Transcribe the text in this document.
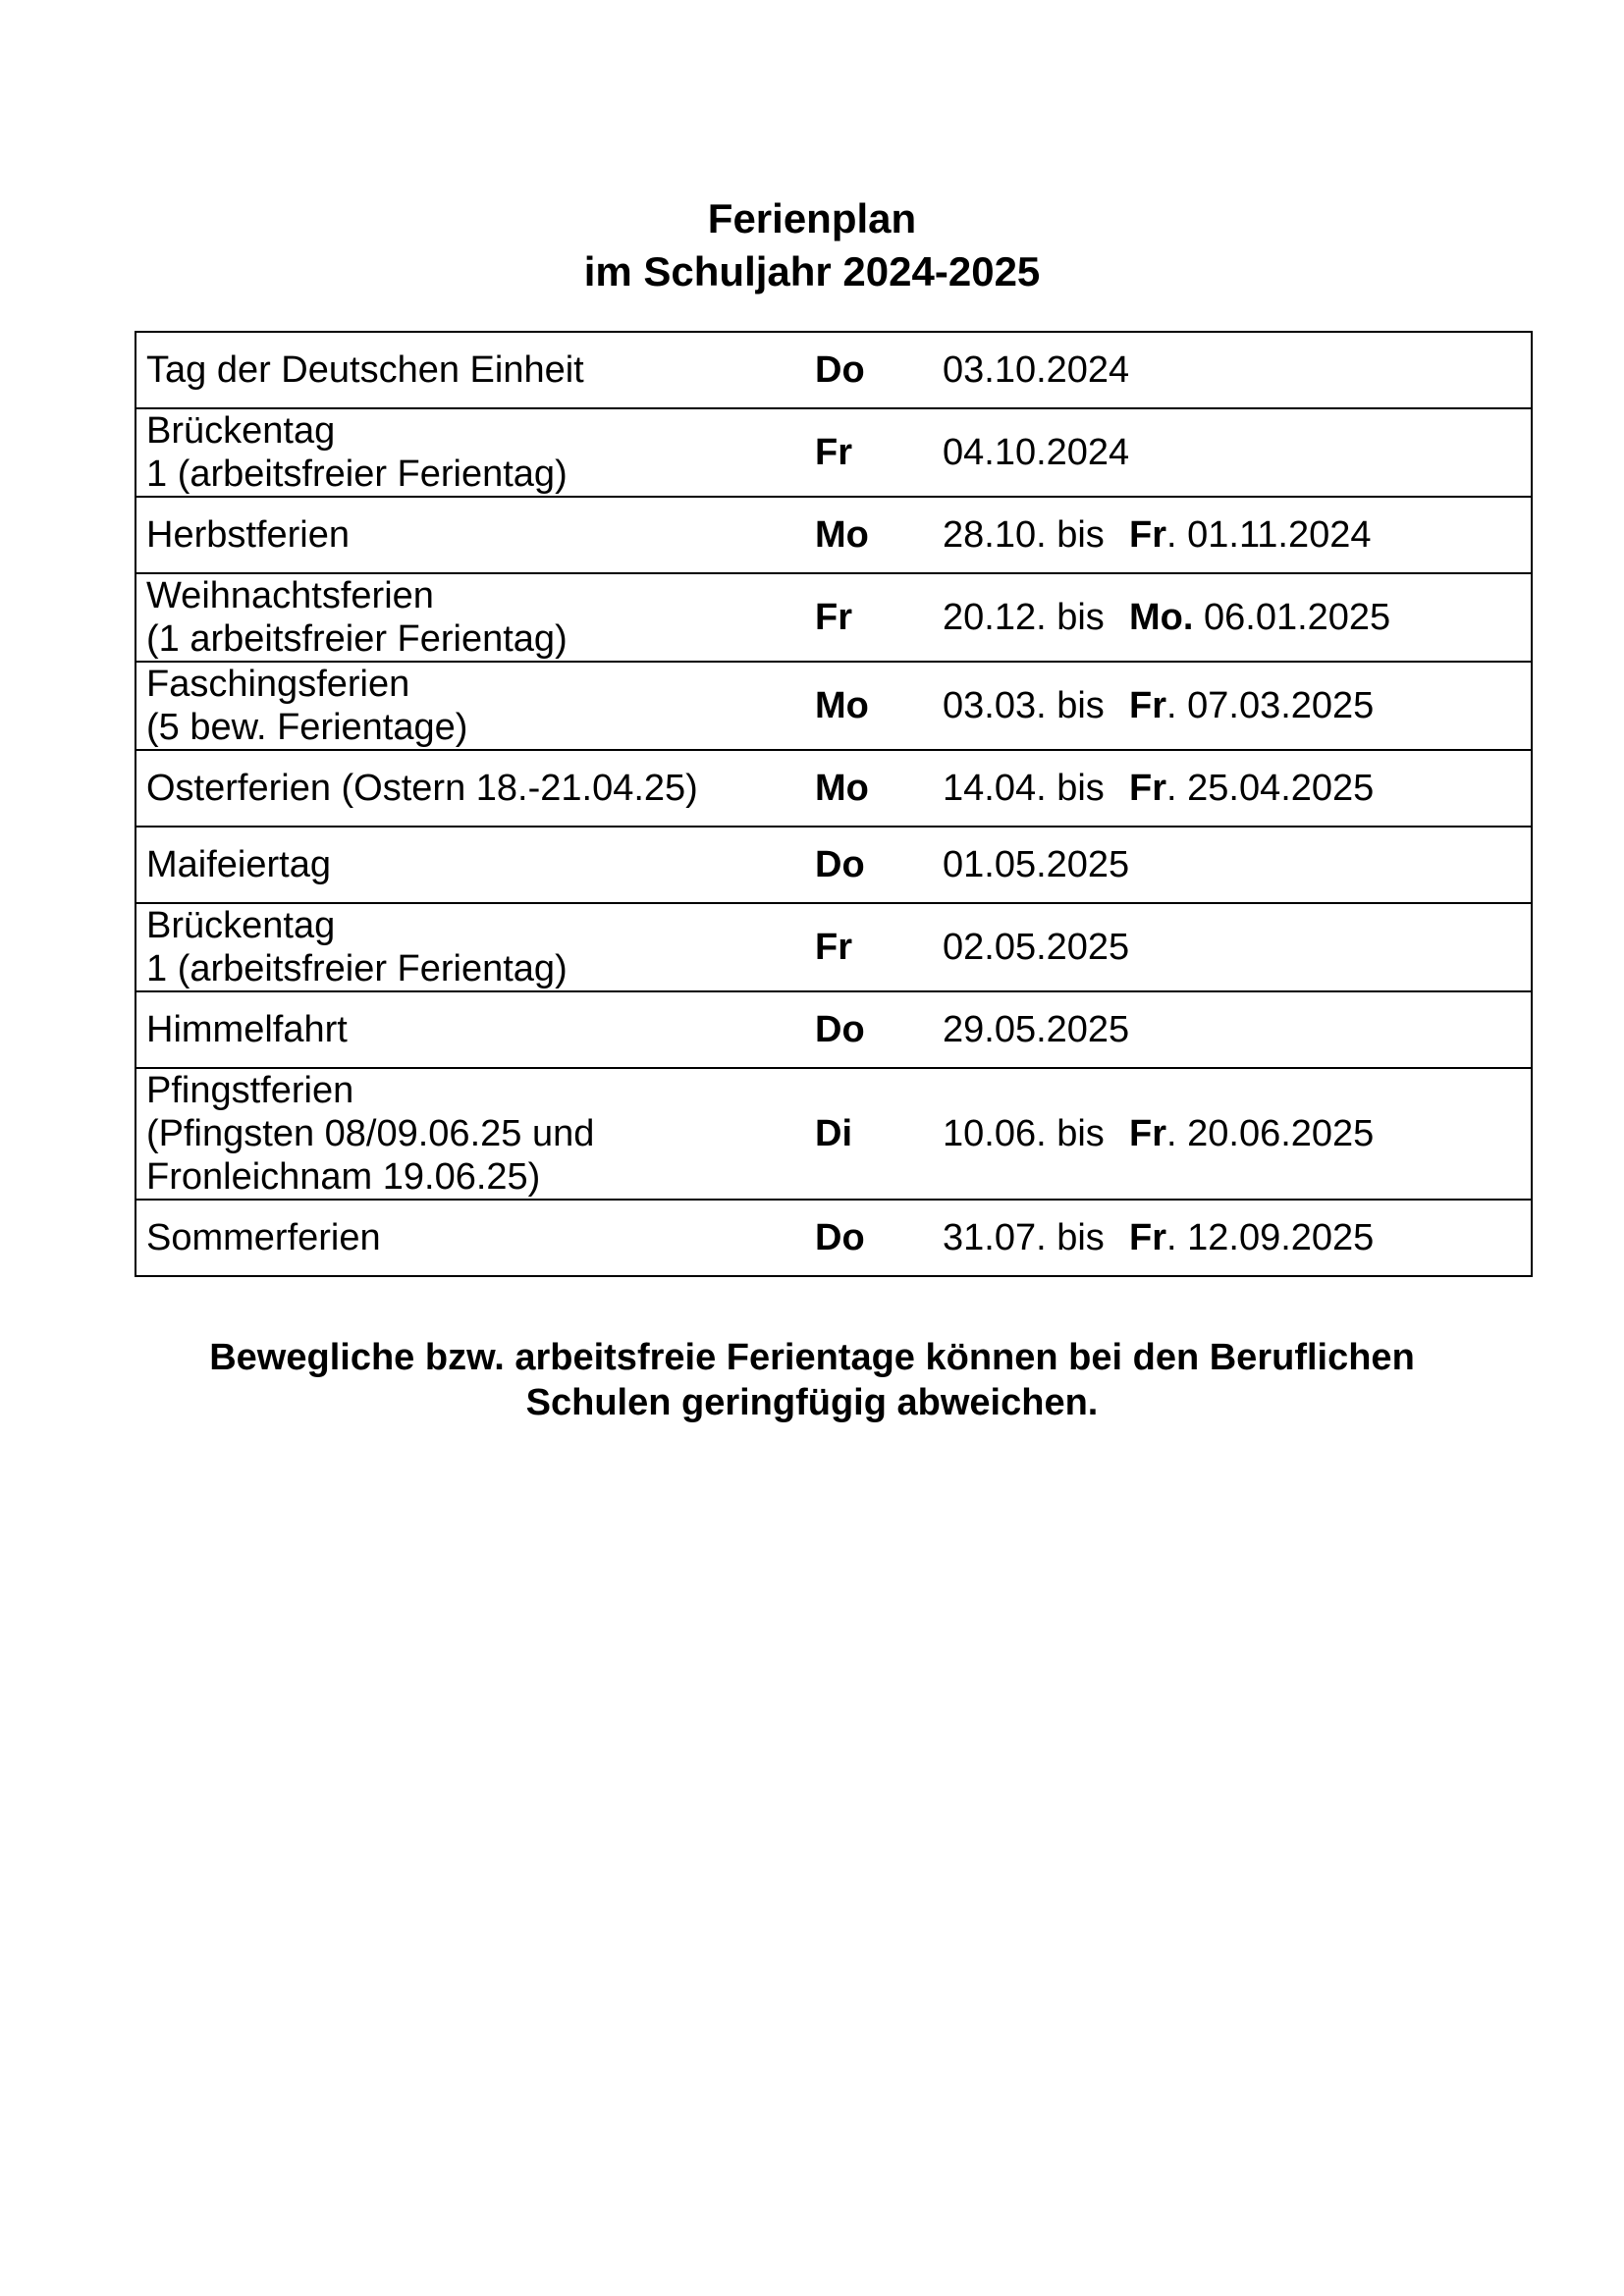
Ferienplan
im Schuljahr 2024-2025
Tag der Deutschen Einheit	Do	03.10.2024

Brückentag
1 (arbeitsfreier Ferientag)	Fr	04.10.2024

Herbstferien	Mo	28.10. bis Fr. 01.11.2024

Weihnachtsferien
(1 arbeitsfreier Ferientag)	Fr	20.12. bis Mo. 06.01.2025

Faschingsferien
(5 bew. Ferientage)	Mo	03.03. bis Fr. 07.03.2025

Osterferien (Ostern 18.-21.04.25)	Mo	14.04. bis Fr. 25.04.2025

Maifeiertag	Do	01.05.2025

Brückentag
1 (arbeitsfreier Ferientag)	Fr	02.05.2025

Himmelfahrt	Do	29.05.2025

Pfingstferien
(Pfingsten 08/09.06.25 und
Fronleichnam 19.06.25)	Di	10.06. bis Fr. 20.06.2025

Sommerferien	Do	31.07. bis Fr. 12.09.2025
Bewegliche bzw. arbeitsfreie Ferientage können bei den Beruflichen
Schulen geringfügig abweichen.
